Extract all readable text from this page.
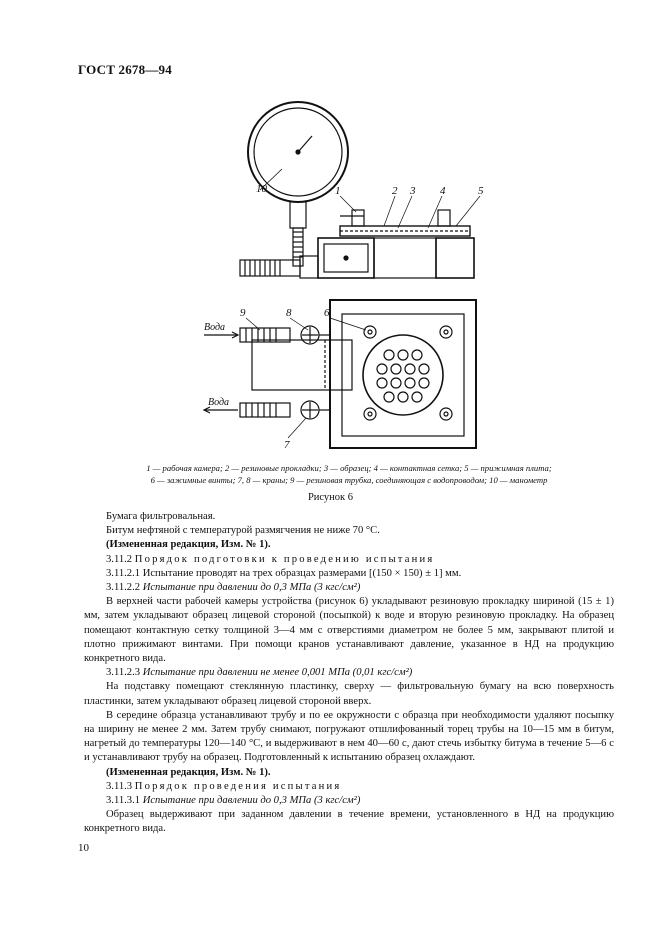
ГОСТ 2678—94
10	1	2 3 4	5
6
8
9
7
Вода
Вода
1 — рабочая камера; 2 — резиновые прокладки; 3 — образец; 4 — контактная сетка; 5 — прижимная плита;
6 — зажимные винты; 7, 8 — краны; 9 — резиновая трубка, соединяющая с водопроводом; 10 — манометр
Рисунок 6

Бумага фильтровальная.

Битум нефтяной с температурой размягчения не ниже 70 °С.

(Измененная редакция, Изм. № 1).

3.11.2 Порядок подготовки к проведению испытания

3.11.2.1 Испытание проводят на трех образцах размерами [(150 × 150) ± 1] мм.

3.11.2.2 Испытание при давлении до 0,3 МПа (3 кгс/см²)

В верхней части рабочей камеры устройства (рисунок 6) укладывают резиновую прокладку шириной (15 ± 1) мм, затем укладывают образец лицевой стороной (посыпкой) к воде и вторую резиновую прокладку. На образец помещают контактную сетку толщиной 3—4 мм с отверстиями диаметром не более 5 мм, закрывают плитой и плотно прижимают винтами. При помощи кранов устанавливают давление, указанное в НД на продукцию конкретного вида.

3.11.2.3 Испытание при давлении не менее 0,001 МПа (0,01 кгс/см²)

На подставку помещают стеклянную пластинку, сверху — фильтровальную бумагу на всю поверхность пластинки, затем укладывают образец лицевой стороной вверх.

В середине образца устанавливают трубу и по ее окружности с образца при необходимости удаляют посыпку на ширину не менее 2 мм. Затем трубу снимают, погружают отшлифованный торец трубы на 10—15 мм в битум, нагретый до температуры 120—140 °С, и выдерживают в нем 40—60 с, дают стечь избытку битума в течение 5—6 с и устанавливают трубу на образец. Подготовленный к испытанию образец охлаждают.

(Измененная редакция, Изм. № 1).

3.11.3 Порядок проведения испытания

3.11.3.1 Испытание при давлении до 0,3 МПа (3 кгс/см²)

Образец выдерживают при заданном давлении в течение времени, установленного в НД на продукцию конкретного вида.

10
